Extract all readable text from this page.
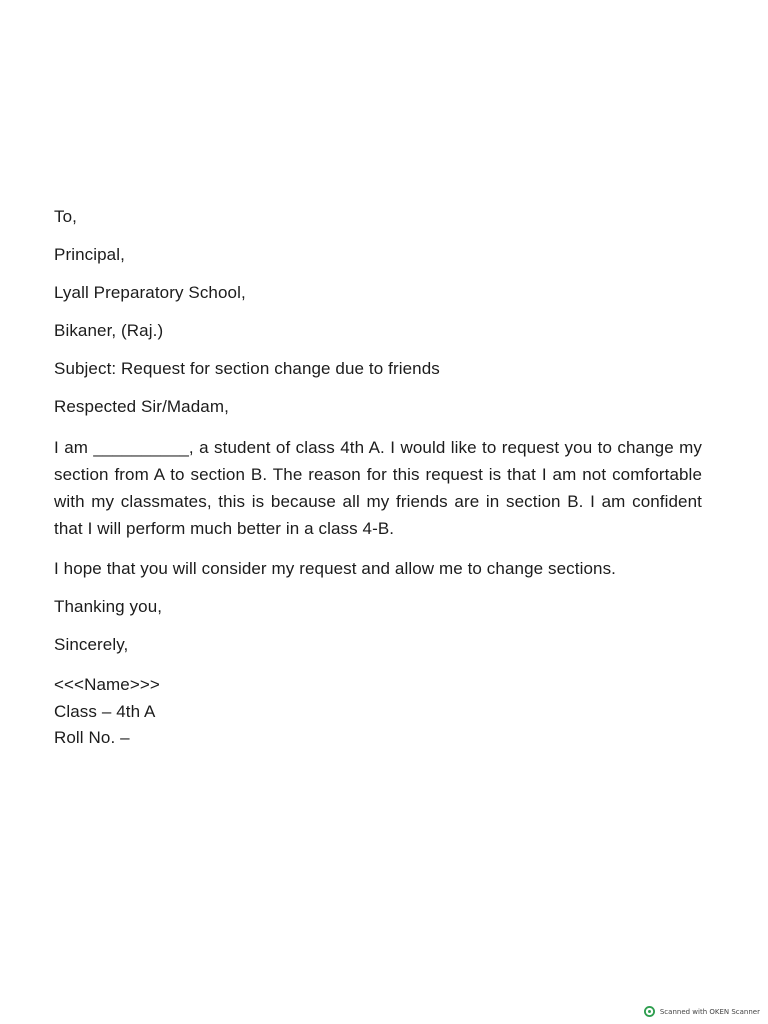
To,

Principal,

Lyall Preparatory School,

Bikaner, (Raj.)

Subject: Request for section change due to friends

Respected Sir/Madam,

I am __________, a student of class 4th A. I would like to request you to change my section from A to section B. The reason for this request is that I am not comfortable with my classmates, this is because all my friends are in section B. I am confident that I will perform much better in a class 4-B.

I hope that you will consider my request and allow me to change sections.

Thanking you,

Sincerely,

<<<Name>>>
Class – 4th A
Roll No. –
Scanned with OKEN Scanner
